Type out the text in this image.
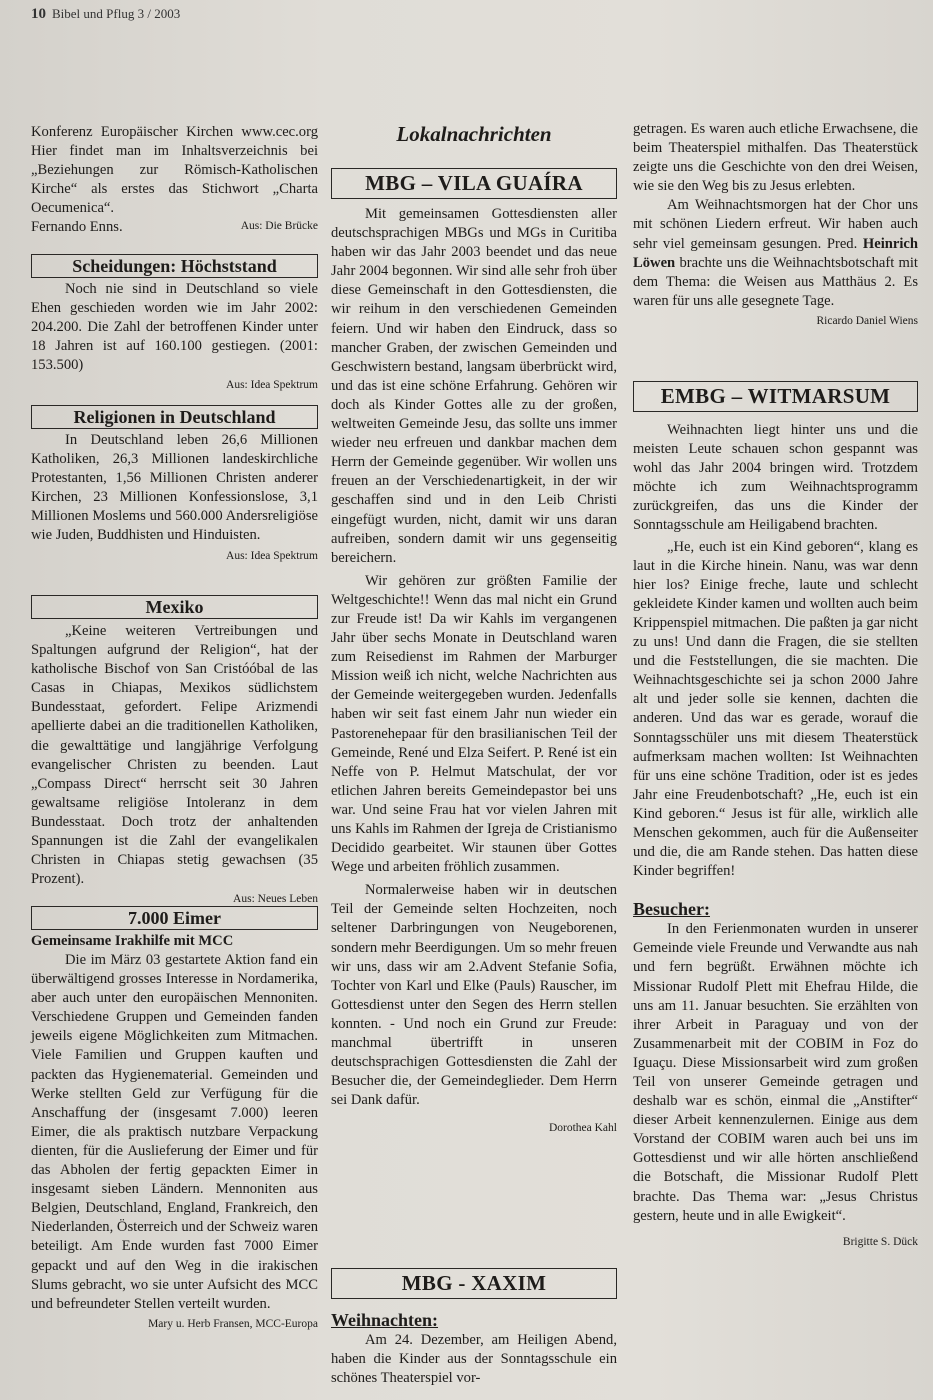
10 Bibel und Pflug 3 / 2003

Konferenz Europäischer Kirchen www.cec.org Hier findet man im Inhaltsverzeichnis bei „Beziehungen zur Römisch-Katholischen Kirche“ als erstes das Stichwort „Charta Oecumenica“.

Fernando Enns.	Aus: Die Brücke

Scheidungen: Höchststand

Noch nie sind in Deutschland so viele Ehen geschieden worden wie im Jahr 2002: 204.200. Die Zahl der betroffenen Kinder unter 18 Jahren ist auf 160.100 gestiegen. (2001: 153.500)

Aus: Idea Spektrum

Religionen in Deutschland

In Deutschland leben 26,6 Millionen Katholiken, 26,3 Millionen landeskirchliche Protestanten, 1,56 Millionen Christen anderer Kirchen, 23 Millionen Konfessionslose, 3,1 Millionen Moslems und 560.000 Andersreligiöse wie Juden, Buddhisten und Hinduisten.

Aus: Idea Spektrum

Mexiko

„Keine weiteren Vertreibungen und Spaltungen aufgrund der Religion“, hat der katholische Bischof von San Cristóóbal de las Casas in Chiapas, Mexikos südlichstem Bundesstaat, gefordert. Felipe Arizmendi apellierte dabei an die traditionellen Katholiken, die gewalttätige und langjährige Verfolgung evangelischer Christen zu beenden. Laut „Compass Direct“ herrscht seit 30 Jahren gewaltsame religiöse Intoleranz in dem Bundesstaat. Doch trotz der anhaltenden Spannungen ist die Zahl der evangelikalen Christen in Chiapas stetig gewachsen (35 Prozent).

Aus: Neues Leben

7.000 Eimer

Gemeinsame Irakhilfe mit MCC

Die im März 03 gestartete Aktion fand ein überwältigend grosses Interesse in Nordamerika, aber auch unter den europäischen Mennoniten. Verschiedene Gruppen und Gemeinden fanden jeweils eigene Möglichkeiten zum Mitmachen. Viele Familien und Gruppen kauften und packten das Hygienematerial. Gemeinden und Werke stellten Geld zur Verfügung für die Anschaffung der (insgesamt 7.000) leeren Eimer, die als praktisch nutzbare Verpackung dienten, für die Auslieferung der Eimer und für das Abholen der fertig gepackten Eimer in insgesamt sieben Ländern. Mennoniten aus Belgien, Deutschland, England, Frankreich, den Niederlanden, Österreich und der Schweiz waren beteiligt. Am Ende wurden fast 7000 Eimer gepackt und auf den Weg in die irakischen Slums gebracht, wo sie unter Aufsicht des MCC und befreundeter Stellen verteilt wurden.

Mary u. Herb Fransen, MCC-Europa

Lokalnachrichten
MBG – VILA GUAÍRA

Mit gemeinsamen Gottesdiensten aller deutschsprachigen MBGs und MGs in Curitiba haben wir das Jahr 2003 beendet und das neue Jahr 2004 begonnen. Wir sind alle sehr froh über diese Gemeinschaft in den Gottesdiensten, die wir reihum in den verschiedenen Gemeinden feiern. Und wir haben den Eindruck, dass so mancher Graben, der zwischen Gemeinden und Geschwistern bestand, langsam überbrückt wird, und das ist eine schöne Erfahrung. Gehören wir doch als Kinder Gottes alle zu der großen, weltweiten Gemeinde Jesu, das sollte uns immer wieder neu erfreuen und dankbar machen dem Herrn der Gemeinde gegenüber. Wir wollen uns freuen an der Verschiedenartigkeit, in der wir geschaffen sind und in den Leib Christi eingefügt wurden, nicht, damit wir uns daran aufreiben, sondern damit wir uns gegenseitig bereichern.

Wir gehören zur größten Familie der Weltgeschichte!! Wenn das mal nicht ein Grund zur Freude ist! Da wir Kahls im vergangenen Jahr über sechs Monate in Deutschland waren zum Reisedienst im Rahmen der Marburger Mission weiß ich nicht, welche Nachrichten aus der Gemeinde weitergegeben wurden. Jedenfalls haben wir seit fast einem Jahr nun wieder ein Pastorenehepaar für den brasilianischen Teil der Gemeinde, René und Elza Seifert. P. René ist ein Neffe von P. Helmut Matschulat, der vor etlichen Jahren bereits Gemeindepastor bei uns war. Und seine Frau hat vor vielen Jahren mit uns Kahls im Rahmen der Igreja de Cristianismo Decidido gearbeitet. Wir staunen über Gottes Wege und arbeiten fröhlich zusammen.

Normalerweise haben wir in deutschen Teil der Gemeinde selten Hochzeiten, noch seltener Darbringungen von Neugeborenen, sondern mehr Beerdigungen. Um so mehr freuen wir uns, dass wir am 2.Advent Stefanie Sofia, Tochter von Karl und Elke (Pauls) Rauscher, im Gottesdienst unter den Segen des Herrn stellen konnten. - Und noch ein Grund zur Freude: manchmal übertrifft in unseren deutschsprachigen Gottesdiensten die Zahl der Besucher die, der Gemeindeglieder. Dem Herrn sei Dank dafür.

Dorothea Kahl

MBG - XAXIM

Weihnachten:

Am 24. Dezember, am Heiligen Abend, haben die Kinder aus der Sonntagsschule ein schönes Theaterspiel vor-

getragen. Es waren auch etliche Erwachsene, die beim Theaterspiel mithalfen. Das Theaterstück zeigte uns die Geschichte von den drei Weisen, wie sie den Weg bis zu Jesus erlebten.

Am Weihnachtsmorgen hat der Chor uns mit schönen Liedern erfreut. Wir haben auch sehr viel gemeinsam gesungen. Pred. Heinrich Löwen brachte uns die Weihnachtsbotschaft mit dem Thema: die Weisen aus Matthäus 2. Es waren für uns alle gesegnete Tage.

Ricardo Daniel Wiens

EMBG – WITMARSUM

Weihnachten liegt hinter uns und die meisten Leute schauen schon gespannt was wohl das Jahr 2004 bringen wird. Trotzdem möchte ich zum Weihnachtsprogramm zurückgreifen, das uns die Kinder der Sonntagsschule am Heiligabend brachten.

„He, euch ist ein Kind geboren“, klang es laut in die Kirche hinein. Nanu, was war denn hier los? Einige freche, laute und schlecht gekleidete Kinder kamen und wollten auch beim Krippenspiel mitmachen. Die paßten ja gar nicht zu uns! Und dann die Fragen, die sie stellten und die Feststellungen, die sie machten. Die Weihnachtsgeschichte sei ja schon 2000 Jahre alt und jeder solle sie kennen, dachten die anderen. Und das war es gerade, worauf die Sonntagsschüler uns mit diesem Theaterstück aufmerksam machen wollten: Ist Weihnachten für uns eine schöne Tradition, oder ist es jedes Jahr eine Freudenbotschaft? „He, euch ist ein Kind geboren.“ Jesus ist für alle, wirklich alle Menschen gekommen, auch für die Außenseiter und die, die am Rande stehen. Das hatten diese Kinder begriffen!

Besucher:

In den Ferienmonaten wurden in unserer Gemeinde viele Freunde und Verwandte aus nah und fern begrüßt. Erwähnen möchte ich Missionar Rudolf Plett mit Ehefrau Hilde, die uns am 11. Januar besuchten. Sie erzählten von ihrer Arbeit in Paraguay und von der Zusammenarbeit mit der COBIM in Foz do Iguaçu. Diese Missionsarbeit wird zum großen Teil von unserer Gemeinde getragen und deshalb war es schön, einmal die „Anstifter“ dieser Arbeit kennenzulernen. Einige aus dem Vorstand der COBIM waren auch bei uns im Gottesdienst und wir alle hörten anschließend die Botschaft, die Missionar Rudolf Plett brachte. Das Thema war: „Jesus Christus gestern, heute und in alle Ewigkeit“.

Brigitte S. Dück
